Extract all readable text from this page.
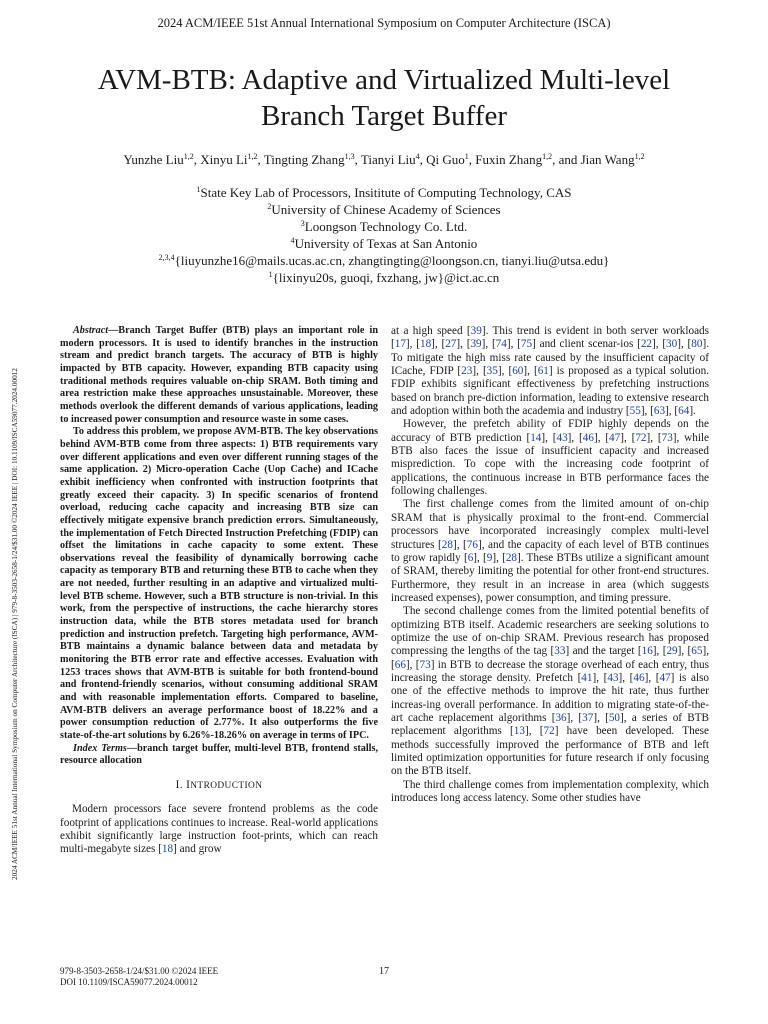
2024 ACM/IEEE 51st Annual International Symposium on Computer Architecture (ISCA)
2024 ACM/IEEE 51st Annual International Symposium on Computer Architecture (ISCA) | 979-8-3503-2658-1/24/$31.00 ©2024 IEEE | DOI: 10.1109/ISCA59077.2024.00012
AVM-BTB: Adaptive and Virtualized Multi-level
Branch Target Buffer
Yunzhe Liu$^{1,2}$, Xinyu Li$^{1,2}$, Tingting Zhang$^{1,3}$, Tianyi Liu$^4$, Qi Guo$^1$, Fuxin Zhang$^{1,2}$, and Jian Wang$^{1,2}$
$^1$State Key Lab of Processors, Insititute of Computing Technology, CAS
$^2$University of Chinese Academy of Sciences
$^3$Loongson Technology Co. Ltd.
$^4$University of Texas at San Antonio
$^{2,3,4}${liuyunzhe16@mails.ucas.ac.cn, zhangtingting@loongson.cn, tianyi.liu@utsa.edu}
$^1${lixinyu20s, guoqi, fxzhang, jw}@ict.ac.cn

Abstract—Branch Target Buffer (BTB) plays an important role in modern processors. It is used to identify branches in the instruction stream and predict branch targets. The accuracy of BTB is highly impacted by BTB capacity. However, expanding BTB capacity using traditional methods requires valuable on-chip SRAM. Both timing and area restriction make these approaches unsustainable. Moreover, these methods overlook the different demands of various applications, leading to increased power consumption and resource waste in some cases.

To address this problem, we propose AVM-BTB. The key observations behind AVM-BTB come from three aspects: 1) BTB requirements vary over different applications and even over different running stages of the same application. 2) Micro-operation Cache (Uop Cache) and ICache exhibit inefficiency when confronted with instruction footprints that greatly exceed their capacity. 3) In specific scenarios of frontend overload, reducing cache capacity and increasing BTB size can effectively mitigate expensive branch prediction errors. Simultaneously, the implementation of Fetch Directed Instruction Prefetching (FDIP) can offset the limitations in cache capacity to some extent. These observations reveal the feasibility of dynamically borrowing cache capacity as temporary BTB and returning these BTB to cache when they are not needed, further resulting in an adaptive and virtualized multi-level BTB scheme. However, such a BTB structure is non-trivial. In this work, from the perspective of instructions, the cache hierarchy stores instruction data, while the BTB stores metadata used for branch prediction and instruction prefetch. Targeting high performance, AVM-BTB maintains a dynamic balance between data and metadata by monitoring the BTB error rate and effective accesses. Evaluation with 1253 traces shows that AVM-BTB is suitable for both frontend-bound and frontend-friendly scenarios, without consuming additional SRAM and with reasonable implementation efforts. Compared to baseline, AVM-BTB delivers an average performance boost of 18.22% and a power consumption reduction of 2.77%. It also outperforms the five state-of-the-art solutions by 6.26%-18.26% on average in terms of IPC.

Index Terms—branch target buffer, multi-level BTB, frontend stalls, resource allocation

I. INTRODUCTION

Modern processors face severe frontend problems as the code footprint of applications continues to increase. Real-world applications exhibit significantly large instruction foot-prints, which can reach multi-megabyte sizes [18] and grow

at a high speed [39]. This trend is evident in both server workloads [17], [18], [27], [39], [74], [75] and client scenar-ios [22], [30], [80]. To mitigate the high miss rate caused by the insufficient capacity of ICache, FDIP [23], [35], [60], [61] is proposed as a typical solution. FDIP exhibits significant effectiveness by prefetching instructions based on branch pre-diction information, leading to extensive research and adoption within both the academia and industry [55], [63], [64].

However, the prefetch ability of FDIP highly depends on the accuracy of BTB prediction [14], [43], [46], [47], [72], [73], while BTB also faces the issue of insufficient capacity and increased misprediction. To cope with the increasing code footprint of applications, the continuous increase in BTB performance faces the following challenges.

The first challenge comes from the limited amount of on-chip SRAM that is physically proximal to the front-end. Commercial processors have incorporated increasingly complex multi-level structures [28], [76], and the capacity of each level of BTB continues to grow rapidly [6], [9], [28]. These BTBs utilize a significant amount of SRAM, thereby limiting the potential for other front-end structures. Furthermore, they result in an increase in area (which suggests increased expenses), power consumption, and timing pressure.

The second challenge comes from the limited potential benefits of optimizing BTB itself. Academic researchers are seeking solutions to optimize the use of on-chip SRAM. Previous research has proposed compressing the lengths of the tag [33] and the target [16], [29], [65], [66], [73] in BTB to decrease the storage overhead of each entry, thus increasing the storage density. Prefetch [41], [43], [46], [47] is also one of the effective methods to improve the hit rate, thus further increas-ing overall performance. In addition to migrating state-of-the-art cache replacement algorithms [36], [37], [50], a series of BTB replacement algorithms [13], [72] have been developed. These methods successfully improved the performance of BTB and left limited optimization opportunities for future research if only focusing on the BTB itself.

The third challenge comes from implementation complexity, which introduces long access latency. Some other studies have

979-8-3503-2658-1/24/$31.00 ©2024 IEEE
DOI 10.1109/ISCA59077.2024.00012
17
